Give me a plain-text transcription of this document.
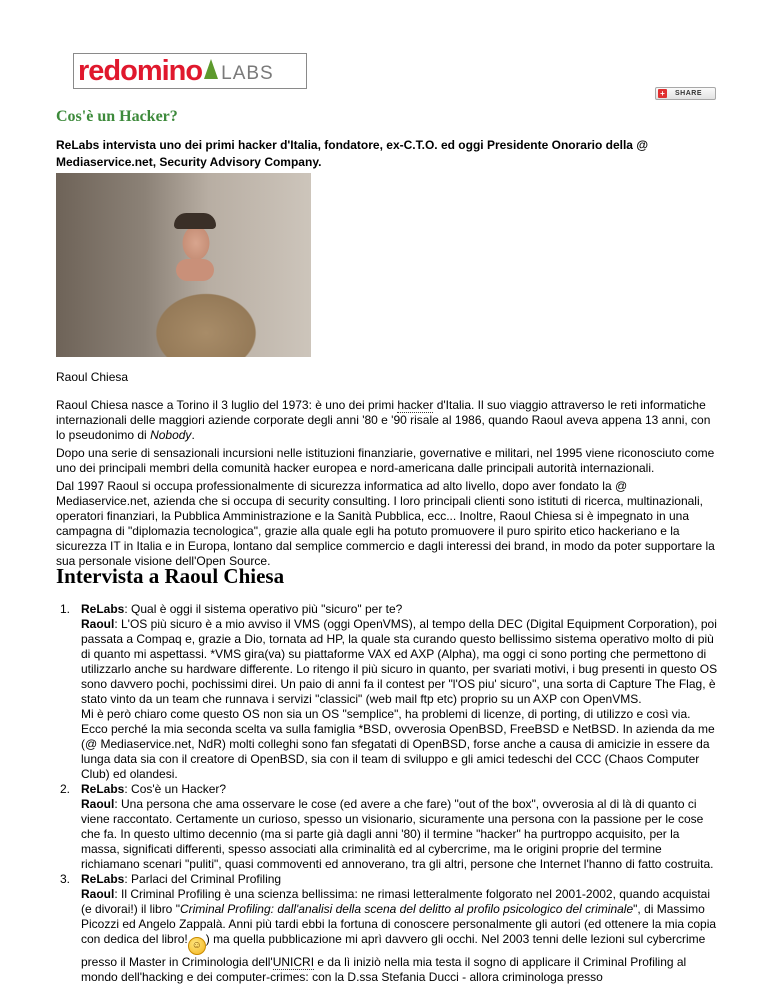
redomino LABS
+	SHARE
Cos'è un Hacker?
ReLabs intervista uno dei primi hacker d'Italia, fondatore, ex-C.T.O. ed oggi Presidente Onorario della @ Mediaservice.net, Security Advisory Company.
Raoul Chiesa

Raoul Chiesa nasce a Torino il 3 luglio del 1973: è uno dei primi hacker d'Italia. Il suo viaggio attraverso le reti informatiche internazionali delle maggiori aziende corporate degli anni '80 e '90 risale al 1986, quando Raoul aveva appena 13 anni, con lo pseudonimo di Nobody.

Dopo una serie di sensazionali incursioni nelle istituzioni finanziarie, governative e militari, nel 1995 viene riconosciuto come uno dei principali membri della comunità hacker europea e nord-americana dalle principali autorità internazionali.

Dal 1997 Raoul si occupa professionalmente di sicurezza informatica ad alto livello, dopo aver fondato la @ Mediaservice.net, azienda che si occupa di security consulting. I loro principali clienti sono istituti di ricerca, multinazionali, operatori finanziari, la Pubblica Amministrazione e la Sanità Pubblica, ecc... Inoltre, Raoul Chiesa si è impegnato in una campagna di "diplomazia tecnologica", grazie alla quale egli ha potuto promuovere il puro spirito etico hackeriano e la sicurezza IT in Italia e in Europa, lontano dal semplice commercio e dagli interessi dei brand, in modo da poter supportare la sua personale visione dell'Open Source.

Intervista a Raoul Chiesa
1. ReLabs: Qual è oggi il sistema operativo più "sicuro" per te?
Raoul: L'OS più sicuro è a mio avviso il VMS (oggi OpenVMS), al tempo della DEC (Digital Equipment Corporation), poi passata a Compaq e, grazie a Dio, tornata ad HP, la quale sta curando questo bellissimo sistema operativo molto di più di quanto mi aspettassi. *VMS gira(va) su piattaforme VAX ed AXP (Alpha), ma oggi ci sono porting che permettono di utilizzarlo anche su hardware differente. Lo ritengo il più sicuro in quanto, per svariati motivi, i bug presenti in questo OS sono davvero pochi, pochissimi direi. Un paio di anni fa il contest per "l'OS piu' sicuro", una sorta di Capture The Flag, è stato vinto da un team che runnava i servizi "classici" (web mail ftp etc) proprio su un AXP con OpenVMS.
Mi è però chiaro come questo OS non sia un OS "semplice", ha problemi di licenze, di porting, di utilizzo e così via. Ecco perché la mia seconda scelta va sulla famiglia *BSD, ovverosia OpenBSD, FreeBSD e NetBSD. In azienda da me (@ Mediaservice.net, NdR) molti colleghi sono fan sfegatati di OpenBSD, forse anche a causa di amicizie in essere da lunga data sia con il creatore di OpenBSD, sia con il team di sviluppo e gli amici tedeschi del CCC (Chaos Computer Club) ed olandesi.

2. ReLabs: Cos'è un Hacker?
Raoul: Una persona che ama osservare le cose (ed avere a che fare) "out of the box", ovverosia al di là di quanto ci viene raccontato. Certamente un curioso, spesso un visionario, sicuramente una persona con la passione per le cose che fa. In questo ultimo decennio (ma si parte già dagli anni '80) il termine "hacker" ha purtroppo acquisito, per la massa, significati differenti, spesso associati alla criminalità ed al cybercrime, ma le origini proprie del termine richiamano scenari "puliti", quasi commoventi ed annoverano, tra gli altri, persone che Internet l'hanno di fatto costruita.

3. ReLabs: Parlaci del Criminal Profiling
Raoul: Il Criminal Profiling è una scienza bellissima: ne rimasi letteralmente folgorato nel 2001-2002, quando acquistai (e divorai!) il libro "Criminal Profiling: dall'analisi della scena del delitto al profilo psicologico del criminale", di Massimo Picozzi ed Angelo Zappalà. Anni più tardi ebbi la fortuna di conoscere personalmente gli autori (ed ottenere la mia copia con dedica del libro! ☺ ) ma quella pubblicazione mi aprì davvero gli occhi. Nel 2003 tenni delle lezioni sul cybercrime presso il Master in Criminologia dell'UNICRI e da lì iniziò nella mia testa il sogno di applicare il Criminal Profiling al mondo dell'hacking e dei computer-crimes: con la D.ssa Stefania Ducci - allora criminologa presso
